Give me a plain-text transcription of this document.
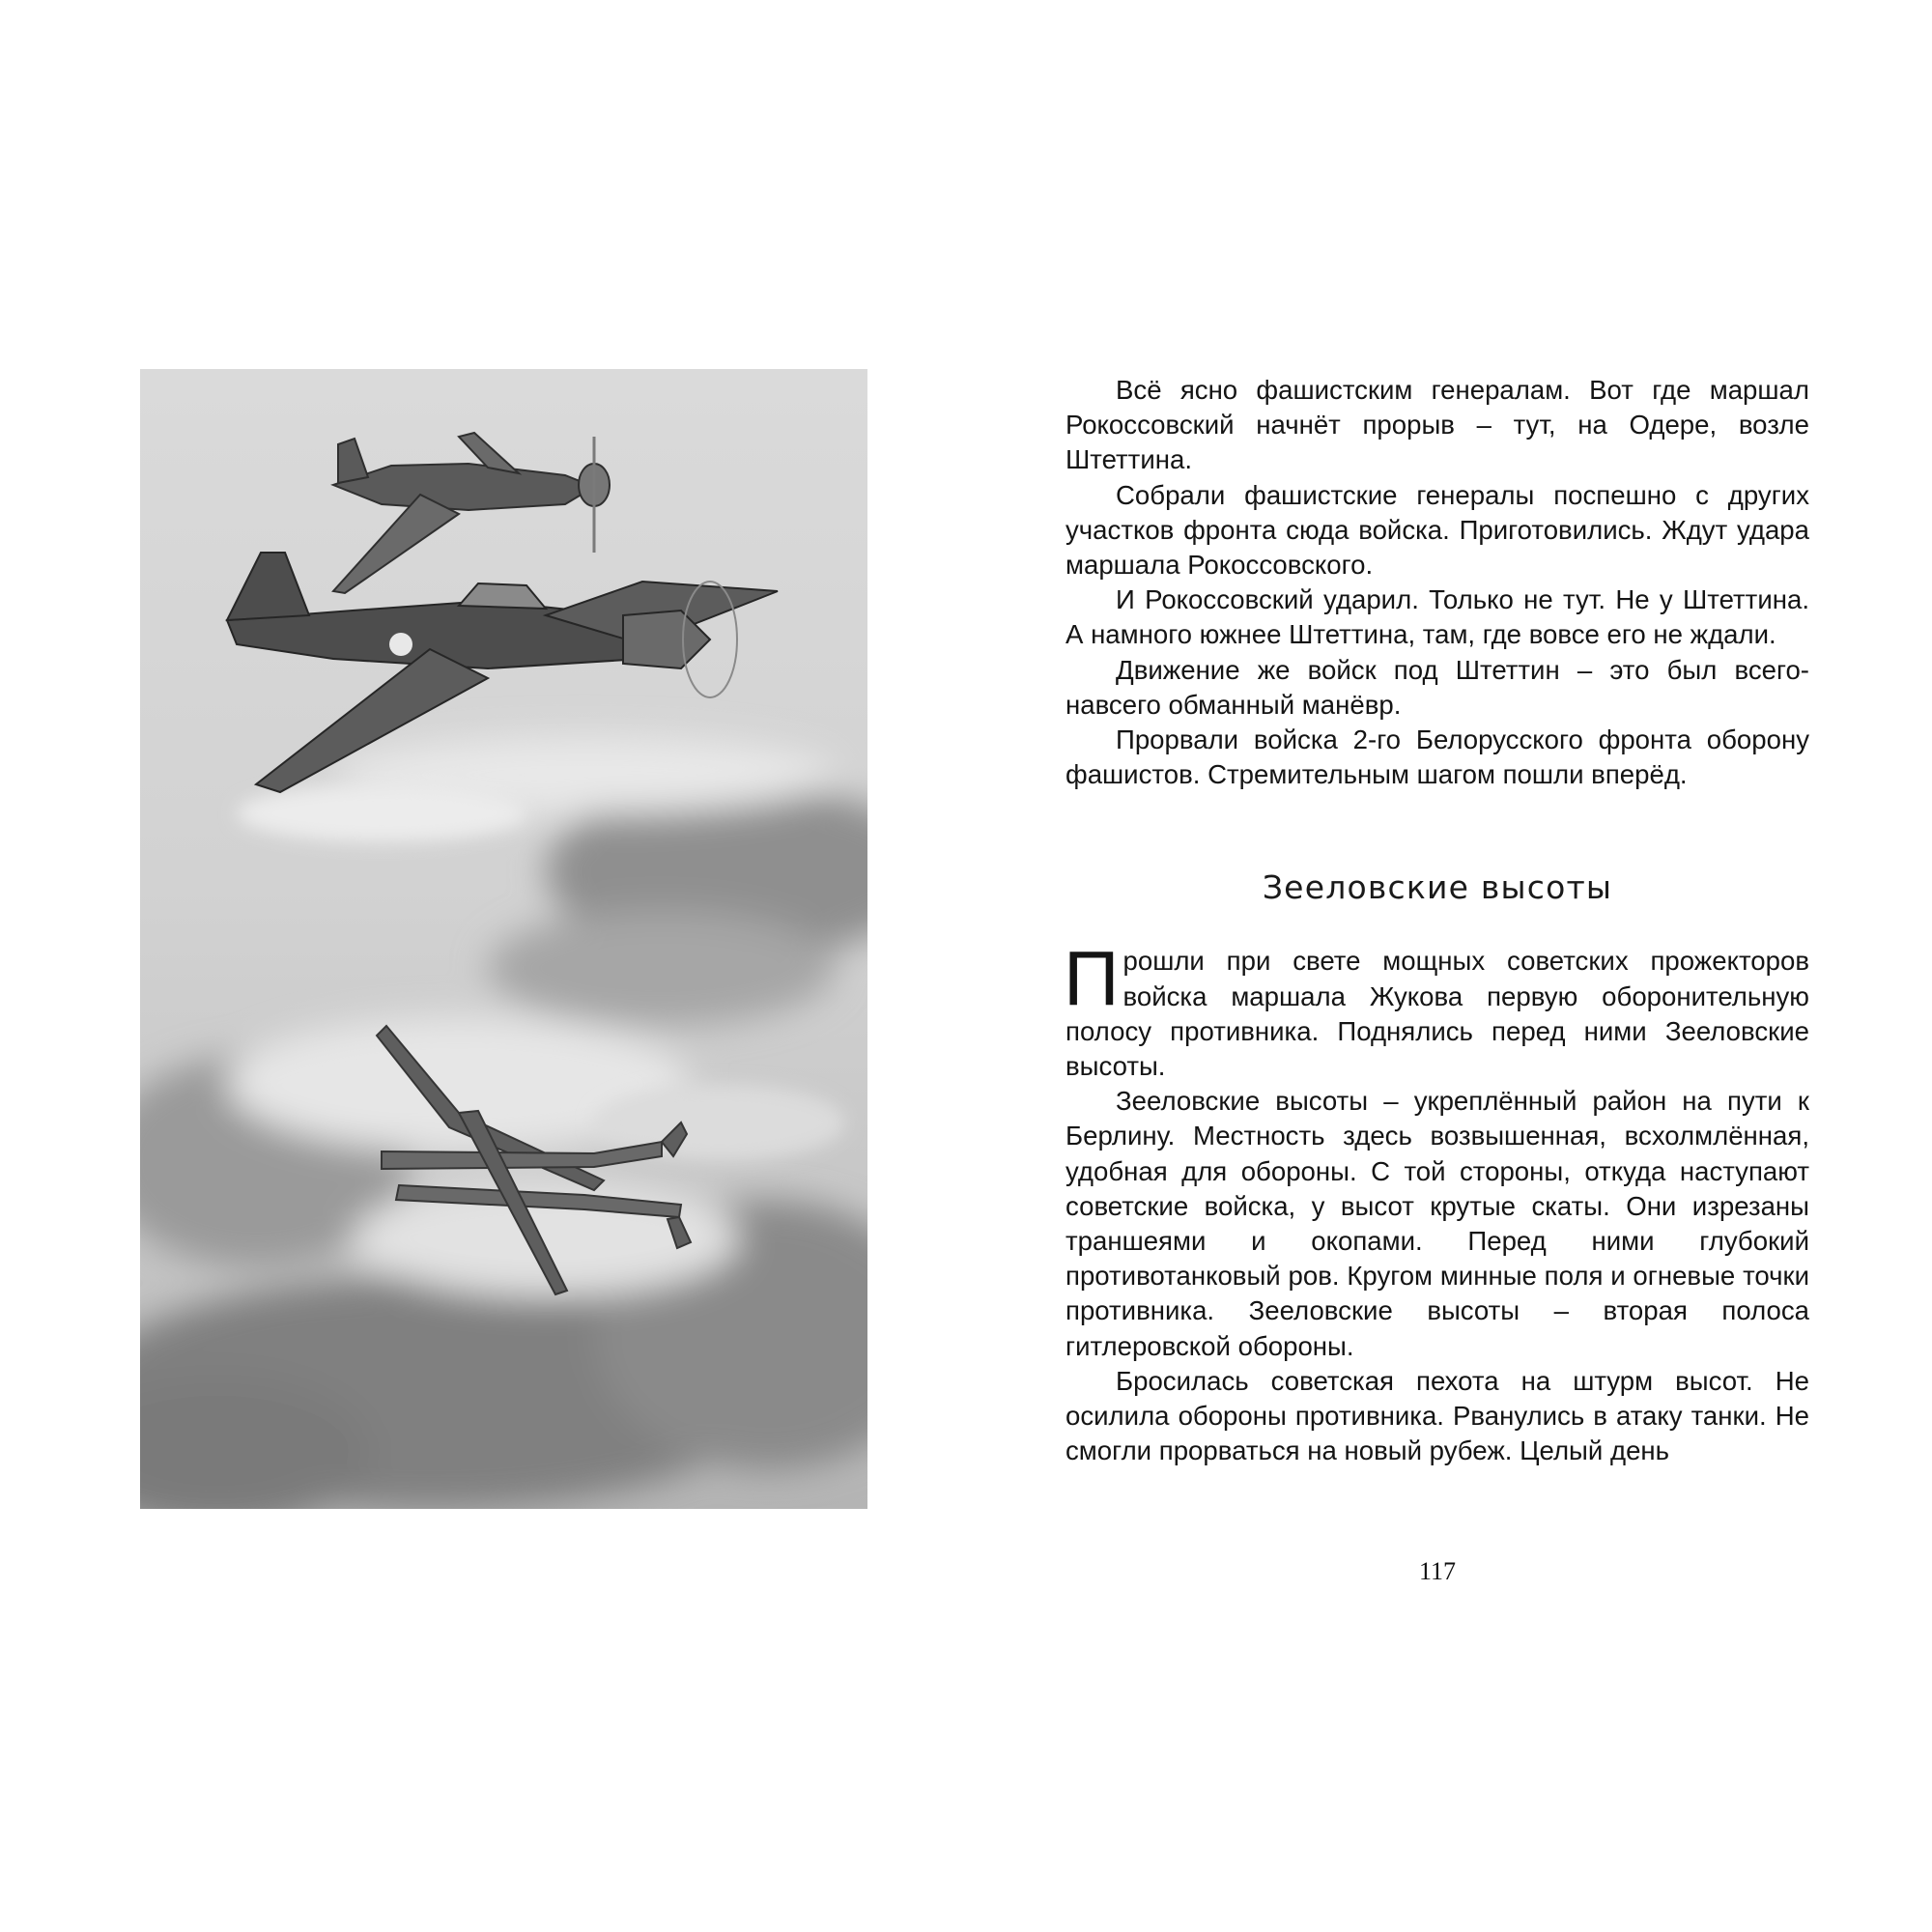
Всё ясно фашистским генералам. Вот где маршал Рокоссовский начнёт прорыв – тут, на Одере, возле Штеттина.

Собрали фашистские генералы поспешно с других участков фронта сюда войска. Приготовились. Ждут удара маршала Рокоссовского.

И Рокоссовский ударил. Только не тут. Не у Штеттина. А намного южнее Штеттина, там, где вовсе его не ждали.

Движение же войск под Штеттин – это был всего-навсего обманный манёвр.

Прорвали войска 2-го Белорусского фронта оборону фашистов. Стремительным шагом пошли вперёд.

Зееловские высоты

Прошли при свете мощных советских прожекторов войска маршала Жукова первую оборонительную полосу противника. Поднялись перед ними Зееловские высоты.

Зееловские высоты – укреплённый район на пути к Берлину. Местность здесь возвышенная, всхолмлённая, удобная для обороны. С той стороны, откуда наступают советские войска, у высот крутые скаты. Они изрезаны траншеями и окопами. Перед ними глубокий противотанковый ров. Кругом минные поля и огневые точки противника. Зееловские высоты – вторая полоса гитлеровской обороны.

Бросилась советская пехота на штурм высот. Не осилила обороны противника. Рванулись в атаку танки. Не смогли прорваться на новый рубеж. Целый день

117
